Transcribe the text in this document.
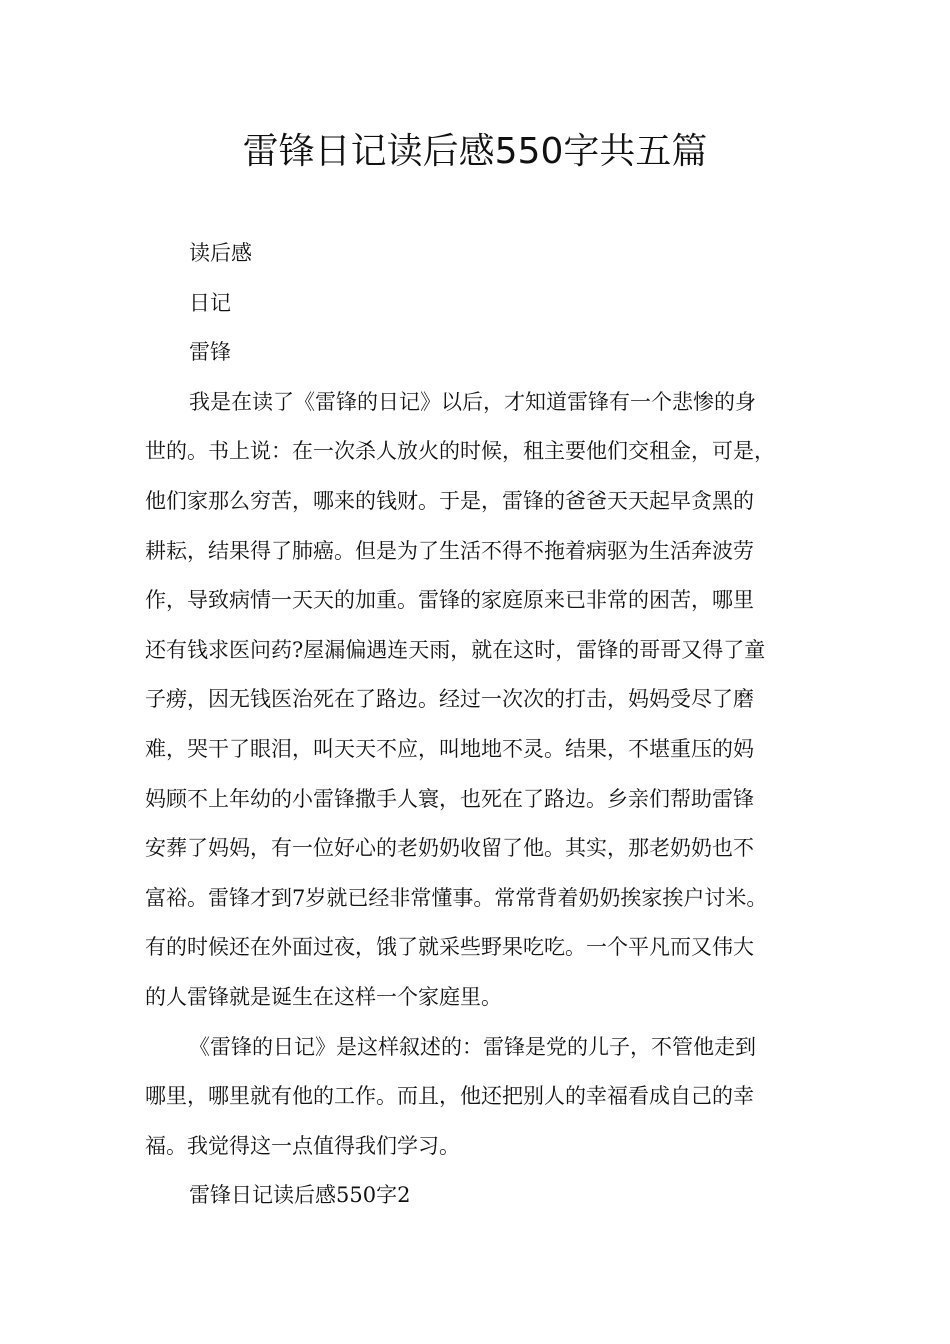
雷锋日记读后感550字共五篇

读后感

日记

雷锋

我是在读了《雷锋的日记》以后，才知道雷锋有一个悲惨的身
世的。书上说：在一次杀人放火的时候，租主要他们交租金，可是，
他们家那么穷苦，哪来的钱财。于是，雷锋的爸爸天天起早贪黑的
耕耘，结果得了肺癌。但是为了生活不得不拖着病驱为生活奔波劳
作，导致病情一天天的加重。雷锋的家庭原来已非常的困苦，哪里
还有钱求医问药?屋漏偏遇连天雨，就在这时，雷锋的哥哥又得了童
子痨，因无钱医治死在了路边。经过一次次的打击，妈妈受尽了磨
难，哭干了眼泪，叫天天不应，叫地地不灵。结果，不堪重压的妈
妈顾不上年幼的小雷锋撒手人寰，也死在了路边。乡亲们帮助雷锋
安葬了妈妈，有一位好心的老奶奶收留了他。其实，那老奶奶也不
富裕。雷锋才到7岁就已经非常懂事。常常背着奶奶挨家挨户讨米。
有的时候还在外面过夜，饿了就采些野果吃吃。一个平凡而又伟大
的人雷锋就是诞生在这样一个家庭里。

《雷锋的日记》是这样叙述的：雷锋是党的儿子，不管他走到
哪里，哪里就有他的工作。而且，他还把别人的幸福看成自己的幸
福。我觉得这一点值得我们学习。

雷锋日记读后感550字2
